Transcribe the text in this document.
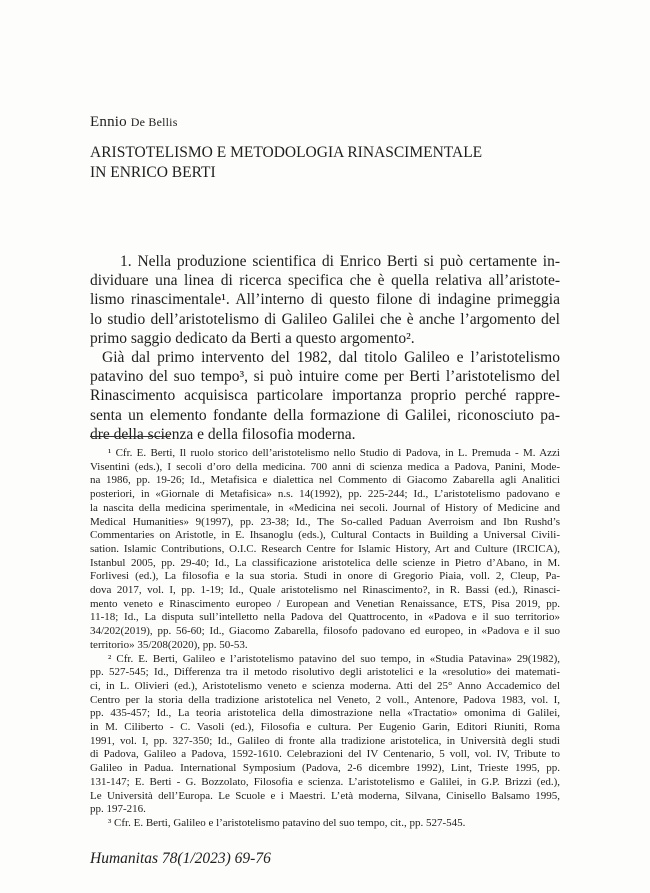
Ennio De Bellis
ARISTOTELISMO E METODOLOGIA RINASCIMENTALE
IN ENRICO BERTI
1. Nella produzione scientifica di Enrico Berti si può certamente in-
dividuare una linea di ricerca specifica che è quella relativa all’aristote-
lismo rinascimentale¹. All’interno di questo filone di indagine primeggia
lo studio dell’aristotelismo di Galileo Galilei che è anche l’argomento del
primo saggio dedicato da Berti a questo argomento².
Già dal primo intervento del 1982, dal titolo Galileo e l’aristotelismo
patavino del suo tempo³, si può intuire come per Berti l’aristotelismo del
Rinascimento acquisisca particolare importanza proprio perché rappre-
senta un elemento fondante della formazione di Galilei, riconosciuto pa-
dre della scienza e della filosofia moderna.
¹ Cfr. E. Berti, Il ruolo storico dell’aristotelismo nello Studio di Padova, in L. Premuda - M. Azzi
Visentini (eds.), I secoli d’oro della medicina. 700 anni di scienza medica a Padova, Panini, Mode-
na 1986, pp. 19-26; Id., Metafisica e dialettica nel Commento di Giacomo Zabarella agli Analitici
posteriori, in «Giornale di Metafisica» n.s. 14(1992), pp. 225-244; Id., L’aristotelismo padovano e
la nascita della medicina sperimentale, in «Medicina nei secoli. Journal of History of Medicine and
Medical Humanities» 9(1997), pp. 23-38; Id., The So-called Paduan Averroism and Ibn Rushd’s
Commentaries on Aristotle, in E. Ihsanoglu (eds.), Cultural Contacts in Building a Universal Civili-
sation. Islamic Contributions, O.I.C. Research Centre for Islamic History, Art and Culture (IRCICA),
Istanbul 2005, pp. 29-40; Id., La classificazione aristotelica delle scienze in Pietro d’Abano, in M.
Forlivesi (ed.), La filosofia e la sua storia. Studi in onore di Gregorio Piaia, voll. 2, Cleup, Pa-
dova 2017, vol. I, pp. 1-19; Id., Quale aristotelismo nel Rinascimento?, in R. Bassi (ed.), Rinasci-
mento veneto e Rinascimento europeo / European and Venetian Renaissance, ETS, Pisa 2019, pp.
11-18; Id., La disputa sull’intelletto nella Padova del Quattrocento, in «Padova e il suo territorio»
34/202(2019), pp. 56-60; Id., Giacomo Zabarella, filosofo padovano ed europeo, in «Padova e il suo
territorio» 35/208(2020), pp. 50-53.
² Cfr. E. Berti, Galileo e l’aristotelismo patavino del suo tempo, in «Studia Patavina» 29(1982),
pp. 527-545; Id., Differenza tra il metodo risolutivo degli aristotelici e la «resolutio» dei matemati-
ci, in L. Olivieri (ed.), Aristotelismo veneto e scienza moderna. Atti del 25° Anno Accademico del
Centro per la storia della tradizione aristotelica nel Veneto, 2 voll., Antenore, Padova 1983, vol. I,
pp. 435-457; Id., La teoria aristotelica della dimostrazione nella «Tractatio» omonima di Galilei,
in M. Ciliberto - C. Vasoli (ed.), Filosofia e cultura. Per Eugenio Garin, Editori Riuniti, Roma
1991, vol. I, pp. 327-350; Id., Galileo di fronte alla tradizione aristotelica, in Università degli studi
di Padova, Galileo a Padova, 1592-1610. Celebrazioni del IV Centenario, 5 voll, vol. IV, Tribute to
Galileo in Padua. International Symposium (Padova, 2-6 dicembre 1992), Lint, Trieste 1995, pp.
131-147; E. Berti - G. Bozzolato, Filosofia e scienza. L’aristotelismo e Galilei, in G.P. Brizzi (ed.),
Le Università dell’Europa. Le Scuole e i Maestri. L’età moderna, Silvana, Cinisello Balsamo 1995,
pp. 197-216.
³ Cfr. E. Berti, Galileo e l’aristotelismo patavino del suo tempo, cit., pp. 527-545.
Humanitas 78(1/2023) 69-76
